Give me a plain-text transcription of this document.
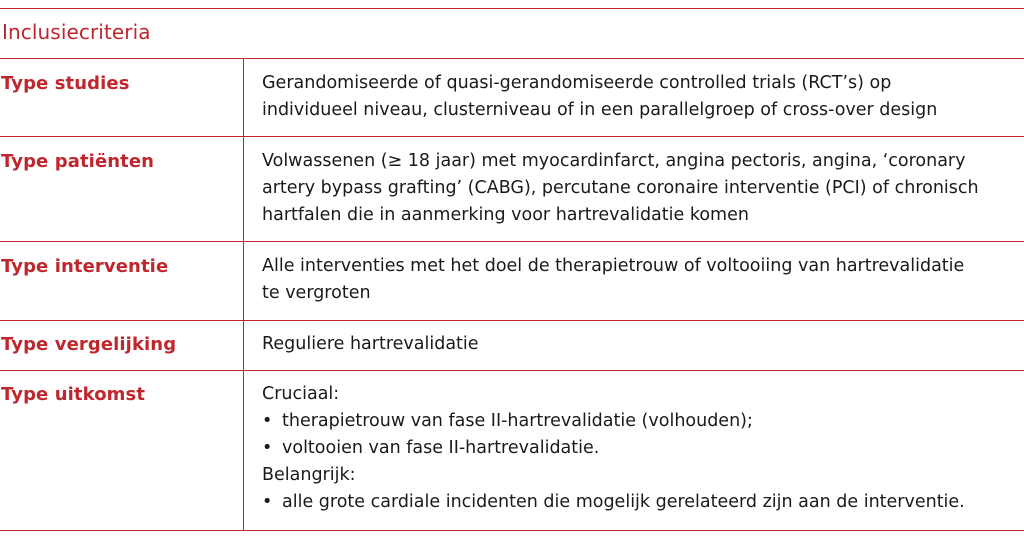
Inclusiecriteria
Type studies	Gerandomiseerde of quasi-gerandomiseerde controlled trials (RCT’s) op
individueel niveau, clusterniveau of in een parallelgroep of cross-over design
Type patiënten	Volwassenen (≥ 18 jaar) met myocardinfarct, angina pectoris, angina, ‘coronary
artery bypass grafting’ (CABG), percutane coronaire interventie (PCI) of chronisch
hartfalen die in aanmerking voor hartrevalidatie komen
Type interventie	Alle interventies met het doel de therapietrouw of voltooiing van hartrevalidatie
te vergroten
Type vergelijking	Reguliere hartrevalidatie
Type uitkomst	Cruciaal:
• therapietrouw van fase II-hartrevalidatie (volhouden);
• voltooien van fase II-hartrevalidatie.
Belangrijk:
• alle grote cardiale incidenten die mogelijk gerelateerd zijn aan de interventie.
